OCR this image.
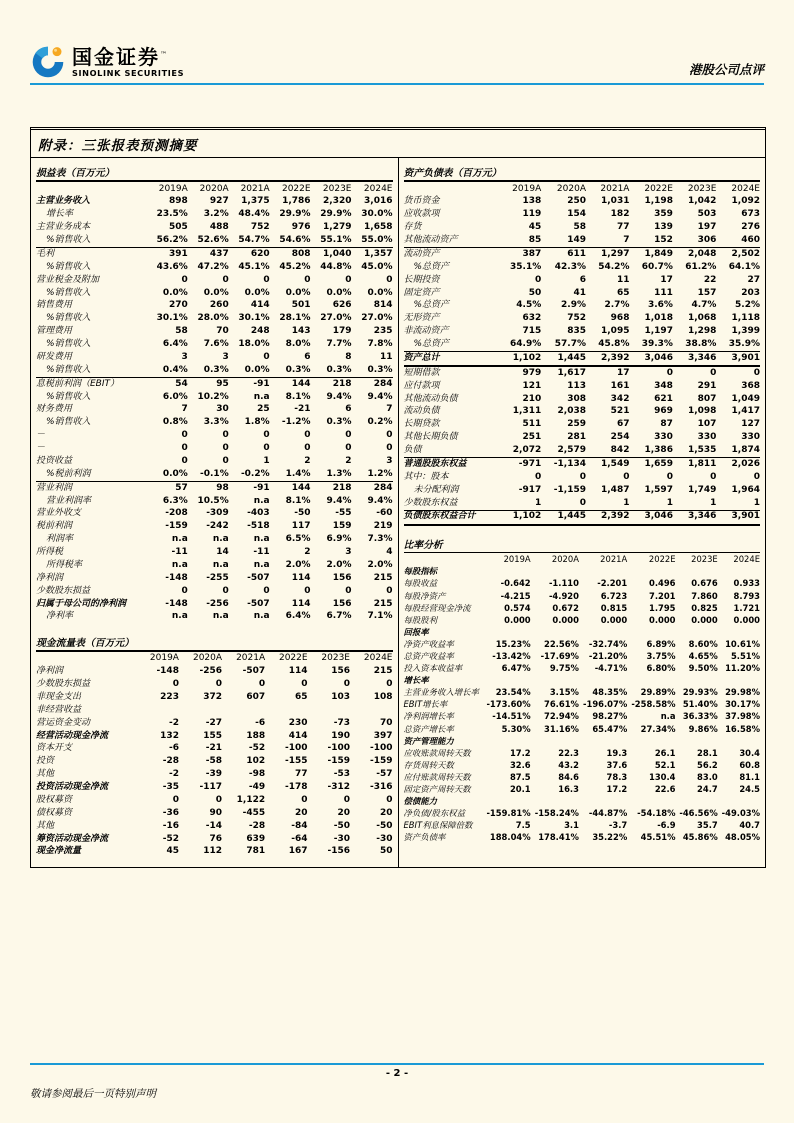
国金证券™
SINOLINK SECURITIES	港股公司点评
附录：三张报表预测摘要
损益表（百万元）
	2019A	2020A	2021A	2022E	2023E	2024E
主营业务收入	898	927	1,375	1,786	2,320	3,016
增长率	23.5%	3.2%	48.4%	29.9%	29.9%	30.0%
主营业务成本	505	488	752	976	1,279	1,658
%销售收入	56.2%	52.6%	54.7%	54.6%	55.1%	55.0%
毛利	391	437	620	808	1,040	1,357
%销售收入	43.6%	47.2%	45.1%	45.2%	44.8%	45.0%
营业税金及附加	0	0	0	0	0	0
%销售收入	0.0%	0.0%	0.0%	0.0%	0.0%	0.0%
销售费用	270	260	414	501	626	814
%销售收入	30.1%	28.0%	30.1%	28.1%	27.0%	27.0%
管理费用	58	70	248	143	179	235
%销售收入	6.4%	7.6%	18.0%	8.0%	7.7%	7.8%
研发费用	3	3	0	6	8	11
%销售收入	0.4%	0.3%	0.0%	0.3%	0.3%	0.3%
息税前利润（EBIT）	54	95	-91	144	218	284
%销售收入	6.0%	10.2%	n.a	8.1%	9.4%	9.4%
财务费用	7	30	25	-21	6	7
%销售收入	0.8%	3.3%	1.8%	-1.2%	0.3%	0.2%
－	0	0	0	0	0	0
－	0	0	0	0	0	0
投资收益	0	0	1	2	2	3
%税前利润	0.0%	-0.1%	-0.2%	1.4%	1.3%	1.2%
营业利润	57	98	-91	144	218	284
营业利润率	6.3%	10.5%	n.a	8.1%	9.4%	9.4%
营业外收支	-208	-309	-403	-50	-55	-60
税前利润	-159	-242	-518	117	159	219
利润率	n.a	n.a	n.a	6.5%	6.9%	7.3%
所得税	-11	14	-11	2	3	4
所得税率	n.a	n.a	n.a	2.0%	2.0%	2.0%
净利润	-148	-255	-507	114	156	215
少数股东损益	0	0	0	0	0	0
归属于母公司的净利润	-148	-256	-507	114	156	215
净利率	n.a	n.a	n.a	6.4%	6.7%	7.1%
现金流量表（百万元）
	2019A	2020A	2021A	2022E	2023E	2024E
净利润	-148	-256	-507	114	156	215
少数股东损益	0	0	0	0	0	0
非现金支出	223	372	607	65	103	108
非经营收益						
营运资金变动	-2	-27	-6	230	-73	70
经营活动现金净流	132	155	188	414	190	397
资本开支	-6	-21	-52	-100	-100	-100
投资	-28	-58	102	-155	-159	-159
其他	-2	-39	-98	77	-53	-57
投资活动现金净流	-35	-117	-49	-178	-312	-316
股权募资	0	0	1,122	0	0	0
债权募资	-36	90	-455	20	20	20
其他	-16	-14	-28	-84	-50	-50
筹资活动现金净流	-52	76	639	-64	-30	-30
现金净流量	45	112	781	167	-156	50
资产负债表（百万元）
	2019A	2020A	2021A	2022E	2023E	2024E
货币资金	138	250	1,031	1,198	1,042	1,092
应收款项	119	154	182	359	503	673
存货	45	58	77	139	197	276
其他流动资产	85	149	7	152	306	460
流动资产	387	611	1,297	1,849	2,048	2,502
%总资产	35.1%	42.3%	54.2%	60.7%	61.2%	64.1%
长期投资	0	6	11	17	22	27
固定资产	50	41	65	111	157	203
%总资产	4.5%	2.9%	2.7%	3.6%	4.7%	5.2%
无形资产	632	752	968	1,018	1,068	1,118
非流动资产	715	835	1,095	1,197	1,298	1,399
%总资产	64.9%	57.7%	45.8%	39.3%	38.8%	35.9%
资产总计	1,102	1,445	2,392	3,046	3,346	3,901
短期借款	979	1,617	17	0	0	0
应付款项	121	113	161	348	291	368
其他流动负债	210	308	342	621	807	1,049
流动负债	1,311	2,038	521	969	1,098	1,417
长期贷款	511	259	67	87	107	127
其他长期负债	251	281	254	330	330	330
负债	2,072	2,579	842	1,386	1,535	1,874
普通股股东权益	-971	-1,134	1,549	1,659	1,811	2,026
其中：股本	0	0	0	0	0	0
未分配利润	-917	-1,159	1,487	1,597	1,749	1,964
少数股东权益	1	0	1	1	1	1
负债股东权益合计	1,102	1,445	2,392	3,046	3,346	3,901
比率分析
	2019A	2020A	2021A	2022E	2023E	2024E
每股指标						
每股收益	-0.642	-1.110	-2.201	0.496	0.676	0.933
每股净资产	-4.215	-4.920	6.723	7.201	7.860	8.793
每股经营现金净流	0.574	0.672	0.815	1.795	0.825	1.721
每股股利	0.000	0.000	0.000	0.000	0.000	0.000
回报率						
净资产收益率	15.23%	22.56%	-32.74%	6.89%	8.60%	10.61%
总资产收益率	-13.42%	-17.69%	-21.20%	3.75%	4.65%	5.51%
投入资本收益率	6.47%	9.75%	-4.71%	6.80%	9.50%	11.20%
增长率						
主营业务收入增长率	23.54%	3.15%	48.35%	29.89%	29.93%	29.98%
EBIT增长率	-173.60%	76.61%	-196.07%	-258.58%	51.40%	30.17%
净利润增长率	-14.51%	72.94%	98.27%	n.a	36.33%	37.98%
总资产增长率	5.30%	31.16%	65.47%	27.34%	9.86%	16.58%
资产管理能力						
应收账款周转天数	17.2	22.3	19.3	26.1	28.1	30.4
存货周转天数	32.6	43.2	37.6	52.1	56.2	60.8
应付账款周转天数	87.5	84.6	78.3	130.4	83.0	81.1
固定资产周转天数	20.1	16.3	17.2	22.6	24.7	24.5
偿债能力						
净负债/股东权益	-159.81%	-158.24%	-44.87%	-54.18%	-46.56%	-49.03%
EBIT利息保障倍数	7.5	3.1	-3.7	-6.9	35.7	40.7
资产负债率	188.04%	178.41%	35.22%	45.51%	45.86%	48.05%
- 2 -
敬请参阅最后一页特别声明
